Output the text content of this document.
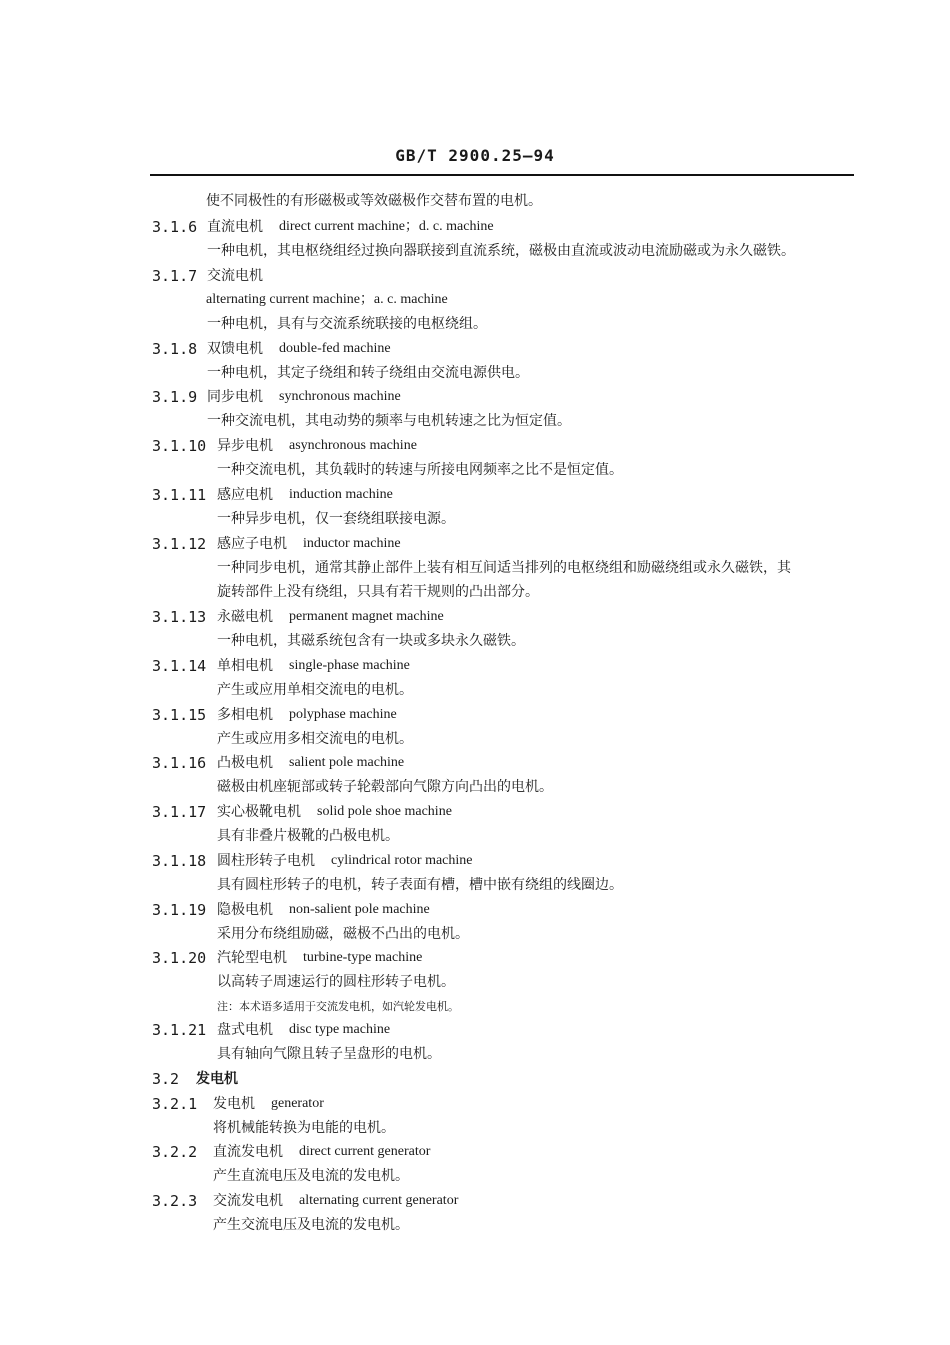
GB/T 2900.25—94
使不同极性的有形磁极或等效磁极作交替布置的电机。
3.1.6 直流电机 direct current machine；d. c. machine
一种电机，其电枢绕组经过换向器联接到直流系统，磁极由直流或波动电流励磁或为永久磁铁。
3.1.7 交流电机
alternating current machine；a. c. machine
一种电机，具有与交流系统联接的电枢绕组。
3.1.8 双馈电机 double-fed machine
一种电机，其定子绕组和转子绕组由交流电源供电。
3.1.9 同步电机 synchronous machine
一种交流电机，其电动势的频率与电机转速之比为恒定值。
3.1.10 异步电机 asynchronous machine
一种交流电机，其负载时的转速与所接电网频率之比不是恒定值。
3.1.11 感应电机 induction machine
一种异步电机，仅一套绕组联接电源。
3.1.12 感应子电机 inductor machine
一种同步电机，通常其静止部件上装有相互间适当排列的电枢绕组和励磁绕组或永久磁铁，其
旋转部件上没有绕组，只具有若干规则的凸出部分。
3.1.13 永磁电机 permanent magnet machine
一种电机，其磁系统包含有一块或多块永久磁铁。
3.1.14 单相电机 single-phase machine
产生或应用单相交流电的电机。
3.1.15 多相电机 polyphase machine
产生或应用多相交流电的电机。
3.1.16 凸极电机 salient pole machine
磁极由机座轭部或转子轮毂部向气隙方向凸出的电机。
3.1.17 实心极靴电机 solid pole shoe machine
具有非叠片极靴的凸极电机。
3.1.18 圆柱形转子电机 cylindrical rotor machine
具有圆柱形转子的电机，转子表面有槽，槽中嵌有绕组的线圈边。
3.1.19 隐极电机 non-salient pole machine
采用分布绕组励磁，磁极不凸出的电机。
3.1.20 汽轮型电机 turbine-type machine
以高转子周速运行的圆柱形转子电机。
注：本术语多适用于交流发电机，如汽轮发电机。
3.1.21 盘式电机 disc type machine
具有轴向气隙且转子呈盘形的电机。
3.2 发电机
3.2.1 发电机 generator
将机械能转换为电能的电机。
3.2.2 直流发电机 direct current generator
产生直流电压及电流的发电机。
3.2.3 交流发电机 alternating current generator
产生交流电压及电流的发电机。
